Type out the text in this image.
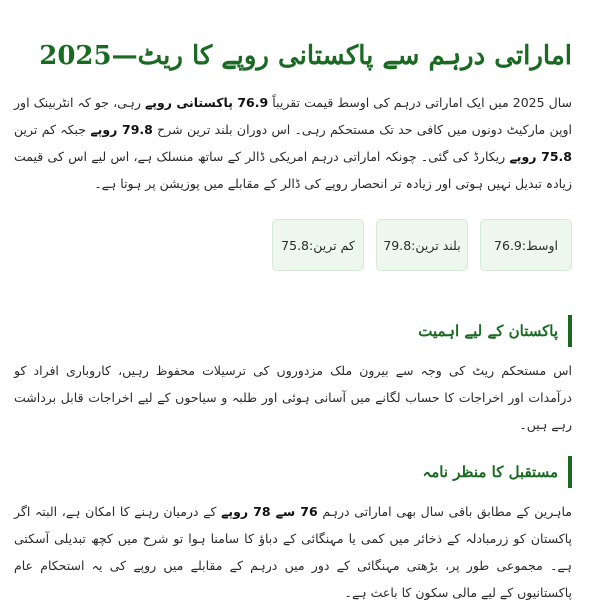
اماراتی درہم سے پاکستانی روپے کا ریٹ—2025

سال 2025 میں ایک اماراتی درہم کی اوسط قیمت تقریباً 76.9 پاکستانی روپے رہی، جو کہ انٹربینک اور اوپن مارکیٹ دونوں میں کافی حد تک مستحکم رہی۔ اس دوران بلند ترین شرح 79.8 روپے جبکہ کم ترین 75.8 روپے ریکارڈ کی گئی۔ چونکہ اماراتی درہم امریکی ڈالر کے ساتھ منسلک ہے، اس لیے اس کی قیمت زیادہ تبدیل نہیں ہوتی اور زیادہ تر انحصار روپے کی ڈالر کے مقابلے میں پوزیشن پر ہوتا ہے۔

اوسط:
76.9
بلند ترین:
79.8
کم ترین:
75.8
پاکستان کے لیے اہمیت

اس مستحکم ریٹ کی وجہ سے بیرون ملک مزدوروں کی ترسیلات محفوظ رہیں، کاروباری افراد کو درآمدات اور اخراجات کا حساب لگانے میں آسانی ہوئی اور طلبہ و سیاحوں کے لیے اخراجات قابل برداشت رہے ہیں۔

مستقبل کا منظر نامہ

ماہرین کے مطابق باقی سال بھی اماراتی درہم 76 سے 78 روپے کے درمیان رہنے کا امکان ہے، البتہ اگر پاکستان کو زرمبادلہ کے ذخائر میں کمی یا مہنگائی کے دباؤ کا سامنا ہوا تو شرح میں کچھ تبدیلی آسکتی ہے۔ مجموعی طور پر، بڑھتی مہنگائی کے دور میں درہم کے مقابلے میں روپے کی یہ استحکام عام پاکستانیوں کے لیے مالی سکون کا باعث ہے۔
